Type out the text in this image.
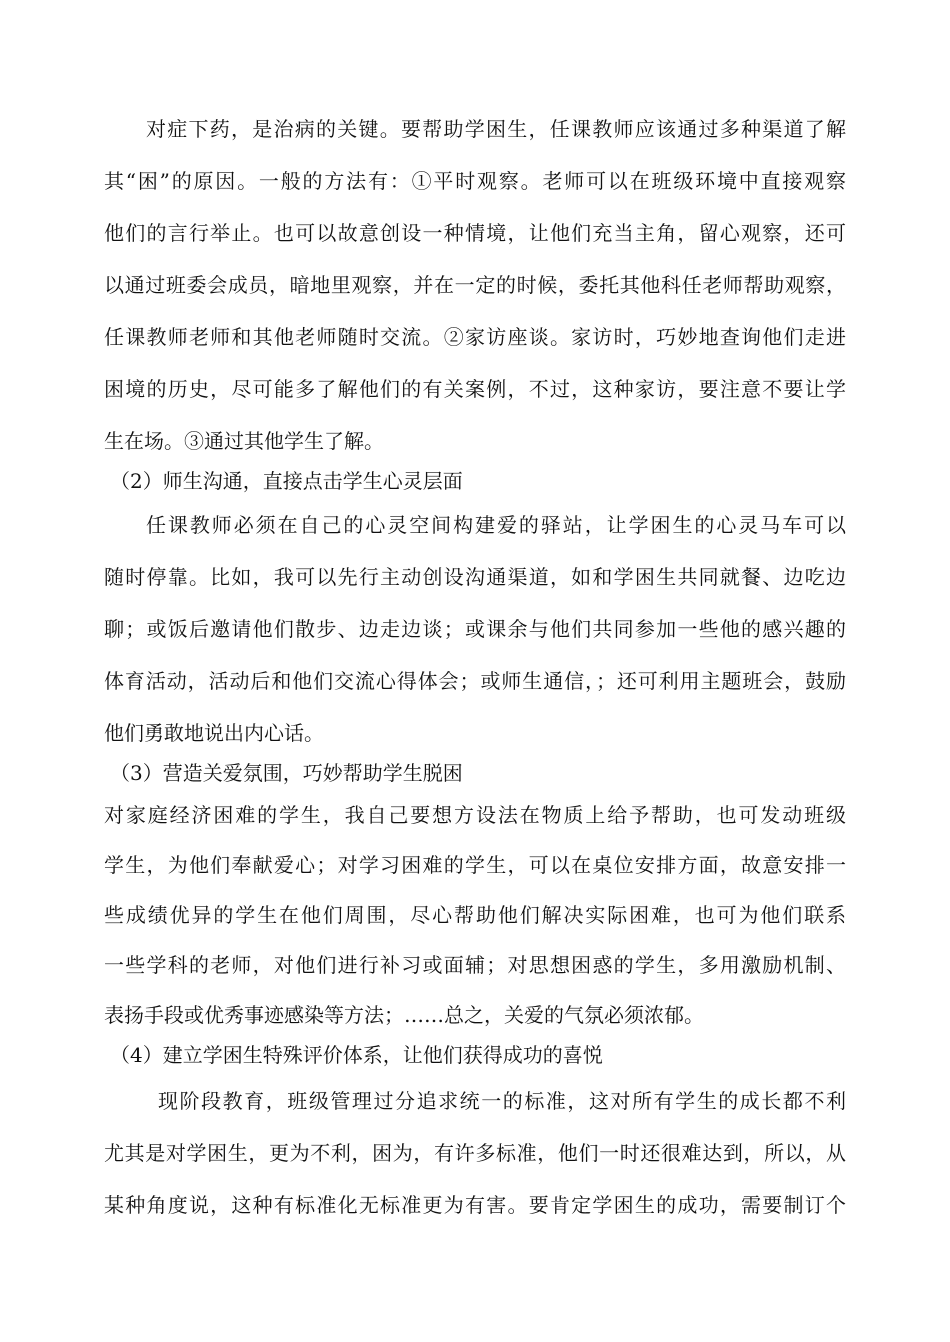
对症下药，是治病的关键。要帮助学困生，任课教师应该通过多种渠道了解
其“困”的原因。一般的方法有：①平时观察。老师可以在班级环境中直接观察
他们的言行举止。也可以故意创设一种情境，让他们充当主角，留心观察，还可
以通过班委会成员，暗地里观察，并在一定的时候，委托其他科任老师帮助观察，
任课教师老师和其他老师随时交流。②家访座谈。家访时，巧妙地查询他们走进
困境的历史，尽可能多了解他们的有关案例，不过，这种家访，要注意不要让学
生在场。③通过其他学生了解。
（2）师生沟通，直接点击学生心灵层面
任课教师必须在自己的心灵空间构建爱的驿站，让学困生的心灵马车可以
随时停靠。比如，我可以先行主动创设沟通渠道，如和学困生共同就餐、边吃边
聊；或饭后邀请他们散步、边走边谈；或课余与他们共同参加一些他的感兴趣的
体育活动，活动后和他们交流心得体会；或师生通信，；还可利用主题班会，鼓励
他们勇敢地说出内心话。
（3）营造关爱氛围，巧妙帮助学生脱困
对家庭经济困难的学生，我自己要想方设法在物质上给予帮助，也可发动班级
学生，为他们奉献爱心；对学习困难的学生，可以在桌位安排方面，故意安排一
些成绩优异的学生在他们周围，尽心帮助他们解决实际困难，也可为他们联系
一些学科的老师，对他们进行补习或面辅；对思想困惑的学生，多用激励机制、
表扬手段或优秀事迹感染等方法；……总之，关爱的气氛必须浓郁。
（4）建立学困生特殊评价体系，让他们获得成功的喜悦
现阶段教育，班级管理过分追求统一的标准，这对所有学生的成长都不利
尤其是对学困生，更为不利，困为，有许多标准，他们一时还很难达到，所以，从
某种角度说，这种有标准化无标准更为有害。要肯定学困生的成功，需要制订个
